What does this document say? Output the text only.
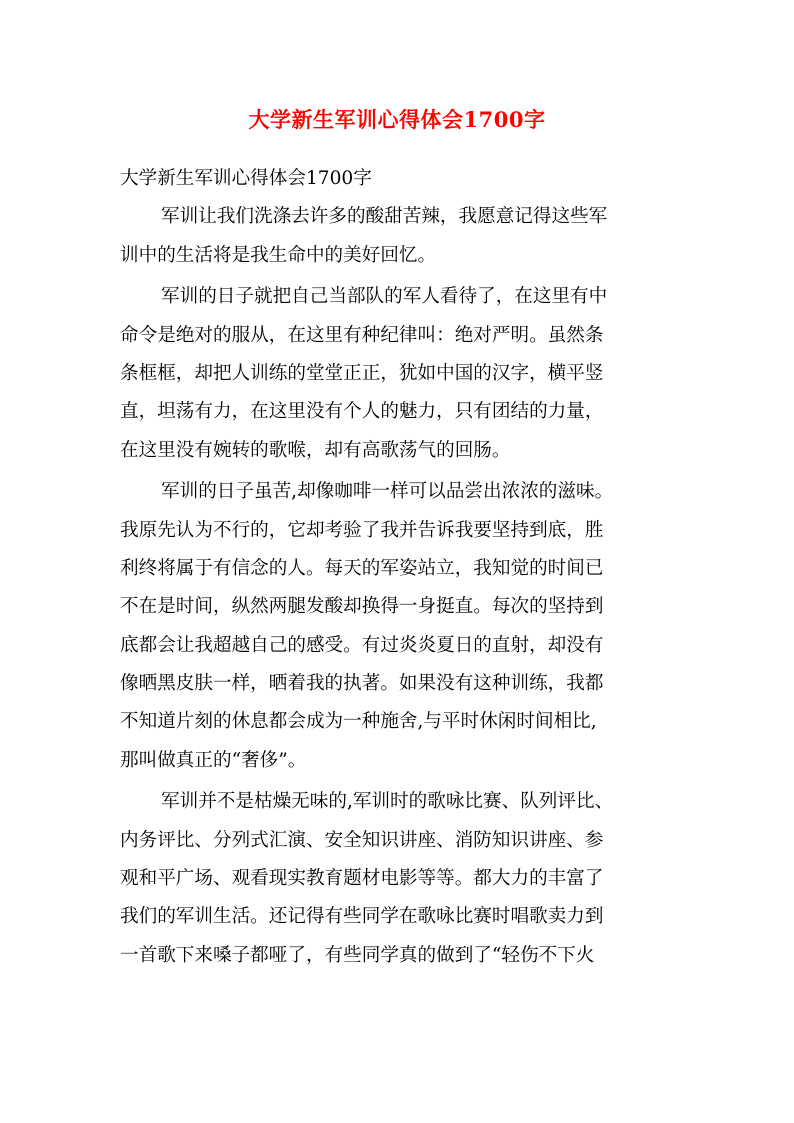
大学新生军训心得体会1700字
大学新生军训心得体会1700字
军训让我们洗涤去许多的酸甜苦辣，我愿意记得这些军
训中的生活将是我生命中的美好回忆。
军训的日子就把自己当部队的军人看待了，在这里有中
命令是绝对的服从，在这里有种纪律叫：绝对严明。虽然条
条框框，却把人训练的堂堂正正，犹如中国的汉字，横平竖
直，坦荡有力，在这里没有个人的魅力，只有团结的力量，
在这里没有婉转的歌喉，却有高歌荡气的回肠。
军训的日子虽苦,却像咖啡一样可以品尝出浓浓的滋味。
我原先认为不行的，它却考验了我并告诉我要坚持到底，胜
利终将属于有信念的人。每天的军姿站立，我知觉的时间已
不在是时间，纵然两腿发酸却换得一身挺直。每次的坚持到
底都会让我超越自己的感受。有过炎炎夏日的直射，却没有
像晒黑皮肤一样，晒着我的执著。如果没有这种训练，我都
不知道片刻的休息都会成为一种施舍,与平时休闲时间相比,
那叫做真正的“奢侈”。
军训并不是枯燥无味的,军训时的歌咏比赛、队列评比、
内务评比、分列式汇演、安全知识讲座、消防知识讲座、参
观和平广场、观看现实教育题材电影等等。都大力的丰富了
我们的军训生活。还记得有些同学在歌咏比赛时唱歌卖力到
一首歌下来嗓子都哑了，有些同学真的做到了“轻伤不下火
